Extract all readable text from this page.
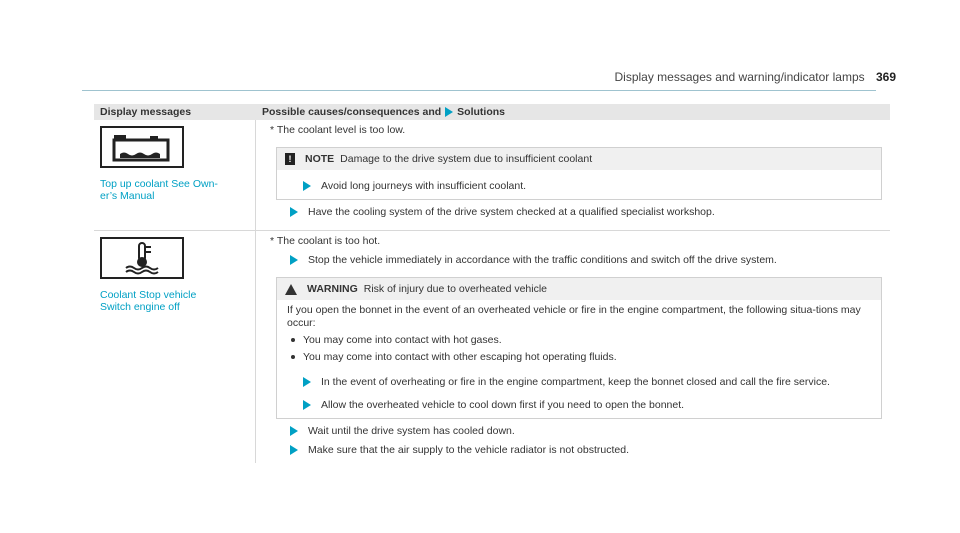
Display messages and warning/indicator lamps 369
Display messages	Possible causes/consequences and Solutions
Top up coolant See Own-
er’s Manual
* The coolant level is too low.
!	NOTE Damage to the drive system due to insufficient coolant
Avoid long journeys with insufficient coolant.
Have the cooling system of the drive system checked at a qualified specialist workshop.
Coolant Stop vehicle
Switch engine off
* The coolant is too hot.
Stop the vehicle immediately in accordance with the traffic conditions and switch off the drive system.
WARNING Risk of injury due to overheated vehicle
If you open the bonnet in the event of an overheated vehicle or fire in the engine compartment, the following situa-tions may occur:
You may come into contact with hot gases.
You may come into contact with other escaping hot operating fluids.
In the event of overheating or fire in the engine compartment, keep the bonnet closed and call the fire service.
Allow the overheated vehicle to cool down first if you need to open the bonnet.
Wait until the drive system has cooled down.
Make sure that the air supply to the vehicle radiator is not obstructed.
